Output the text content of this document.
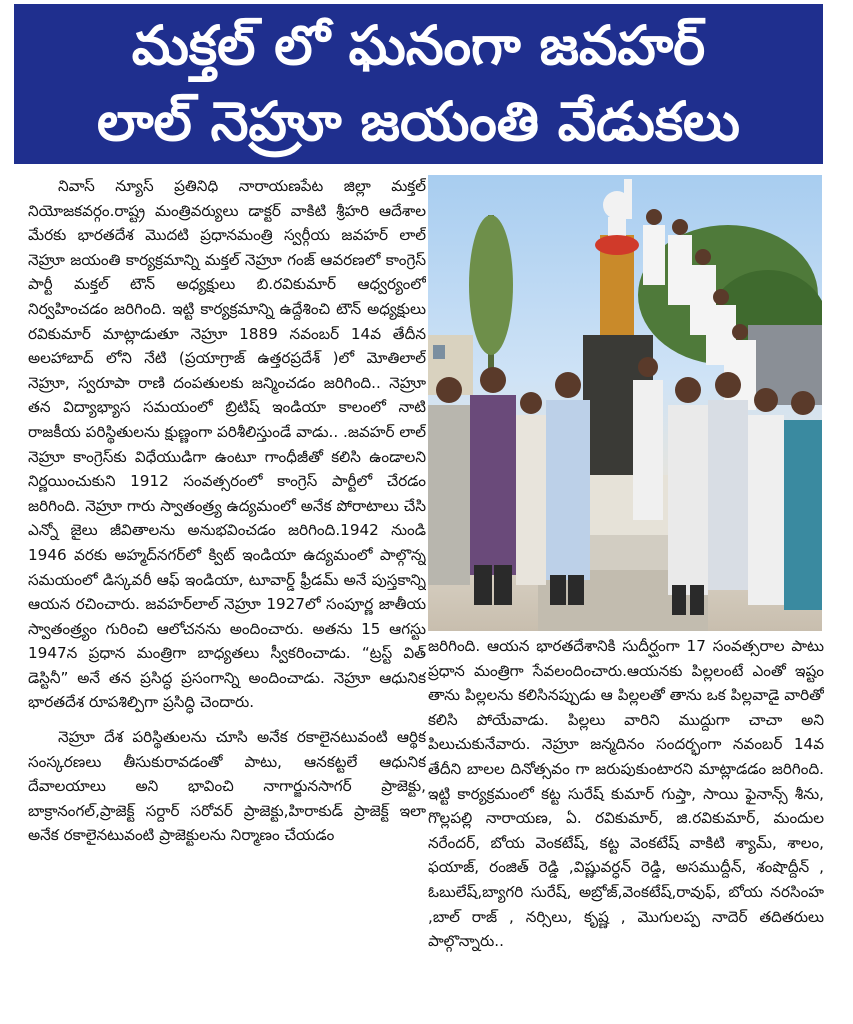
మక్తల్ లో ఘనంగా జవహర్
లాల్ నెహ్రూ జయంతి వేడుకలు

నివాస్ న్యూస్ ప్రతినిధి నారాయణపేట జిల్లా మక్తల్ నియోజకవర్గం.రాష్ట్ర మంత్రివర్యులు డాక్టర్ వాకిటి శ్రీహరి ఆదేశాల మేరకు భారతదేశ మొదటి ప్రధానమంత్రి స్వర్గీయ జవహర్ లాల్ నెహ్రూ జయంతి కార్యక్రమాన్ని మక్తల్ నెహ్రూ గంజ్ ఆవరణలో కాంగ్రెస్ పార్టీ మక్తల్ టౌన్ అధ్యక్షులు బి.రవికుమార్ ఆధ్వర్యంలో నిర్వహించడం జరిగింది. ఇట్టి కార్యక్రమాన్ని ఉద్దేశించి టౌన్ అధ్యక్షులు రవికుమార్ మాట్లాడుతూ నెహ్రూ 1889 నవంబర్ 14వ తేదీన అలహాబాద్ లోని నేటి (ప్రయాగ్రాజ్ ఉత్తరప్రదేశ్ )లో మోతిలాల్ నెహ్రూ, స్వరూపా రాణి దంపతులకు జన్మించడం జరిగింది.. నెహ్రూ తన విద్యాభ్యాస సమయంలో బ్రిటిష్ ఇండియా కాలంలో నాటి రాజకీయ పరిస్థితులను క్షుణ్ణంగా పరిశీలిస్తుండే వాడు.. .జవహర్ లాల్ నెహ్రూ కాంగ్రెస్‌కు విధేయుడిగా ఉంటూ గాంధీజీతో కలిసి ఉండాలని నిర్ణయించుకుని 1912 సంవత్సరంలో కాంగ్రెస్ పార్టీలో చేరడం జరిగింది. నెహ్రూ గారు స్వాతంత్ర్య ఉద్యమంలో అనేక పోరాటాలు చేసి ఎన్నో జైలు జీవితాలను అనుభవించడం జరిగింది.1942 నుండి 1946 వరకు అహ్మద్‌నగర్‌లో క్విట్ ఇండియా ఉద్యమంలో పాల్గొన్న సమయంలో డిస్కవరీ ఆఫ్ ఇండియా, టూవార్డ్ ఫ్రీడమ్ అనే పుస్తకాన్ని ఆయన రచించారు. జవహర్‌లాల్ నెహ్రూ 1927లో సంపూర్ణ జాతీయ స్వాతంత్ర్యం గురించి ఆలోచనను అందించారు. అతను 15 ఆగస్టు 1947న ప్రధాన మంత్రిగా బాధ్యతలు స్వీకరించాడు. “ట్రస్ట్ విత్ డెస్టినీ” అనే తన ప్రసిద్ధ ప్రసంగాన్ని అందించాడు. నెహ్రూ ఆధునిక భారతదేశ రూపశిల్పిగా ప్రసిద్ధి చెందారు.

నెహ్రూ దేశ పరిస్థితులను చూసి అనేక రకాలైనటువంటి ఆర్థిక సంస్కరణలు తీసుకురావడంతో పాటు, ఆనకట్టలే ఆధునిక దేవాలయాలు అని భావించి నాగార్జునసాగర్ ప్రాజెక్టు, బాక్రానంగల్,ప్రాజెక్ట్ సర్దార్ సరోవర్ ప్రాజెక్టు,హిరాకుడ్ ప్రాజెక్ట్ ఇలా అనేక రకాలైనటువంటి ప్రాజెక్టులను నిర్మాణం చేయడం

జరిగింది. ఆయన భారతదేశానికి సుదీర్ఘంగా 17 సంవత్సరాల పాటు ప్రధాన మంత్రిగా సేవలందించారు.ఆయనకు పిల్లలంటే ఎంతో ఇష్టం తాను పిల్లలను కలిసినప్పుడు ఆ పిల్లలతో తాను ఒక పిల్లవాడై వారితో కలిసి పోయేవాడు. పిల్లలు వారిని ముద్దుగా చాచా అని పిలుచుకునేవారు. నెహ్రూ జన్మదినం సందర్భంగా నవంబర్ 14వ తేదీని బాలల దినోత్సవం గా జరుపుకుంటారని మాట్లాడడం జరిగింది. ఇట్టి కార్యక్రమంలో కట్ట సురేష్ కుమార్ గుప్తా, సాయి ఫైనాన్స్ శీను, గొల్లపల్లి నారాయణ, ఏ. రవికుమార్, జి.రవికుమార్, మందుల నరేందర్, బోయ వెంకటేష్, కట్ట వెంకటేష్ వాకిటి శ్యామ్, శాలం, ఫయాజ్, రంజిత్ రెడ్డి ,విష్ణువర్ధన్ రెడ్డి, అసముద్దీన్, శంషొద్దీన్ , ఓబులేష్,బ్యాగరి సురేష్, అబ్రోజ్,వెంకటేష్,రావుఫ్, బోయ నరసింహ ,బాల్ రాజ్ , నర్సిలు, కృష్ణ , మొగులప్ప నాదెర్ తదితరులు పాల్గొన్నారు..
